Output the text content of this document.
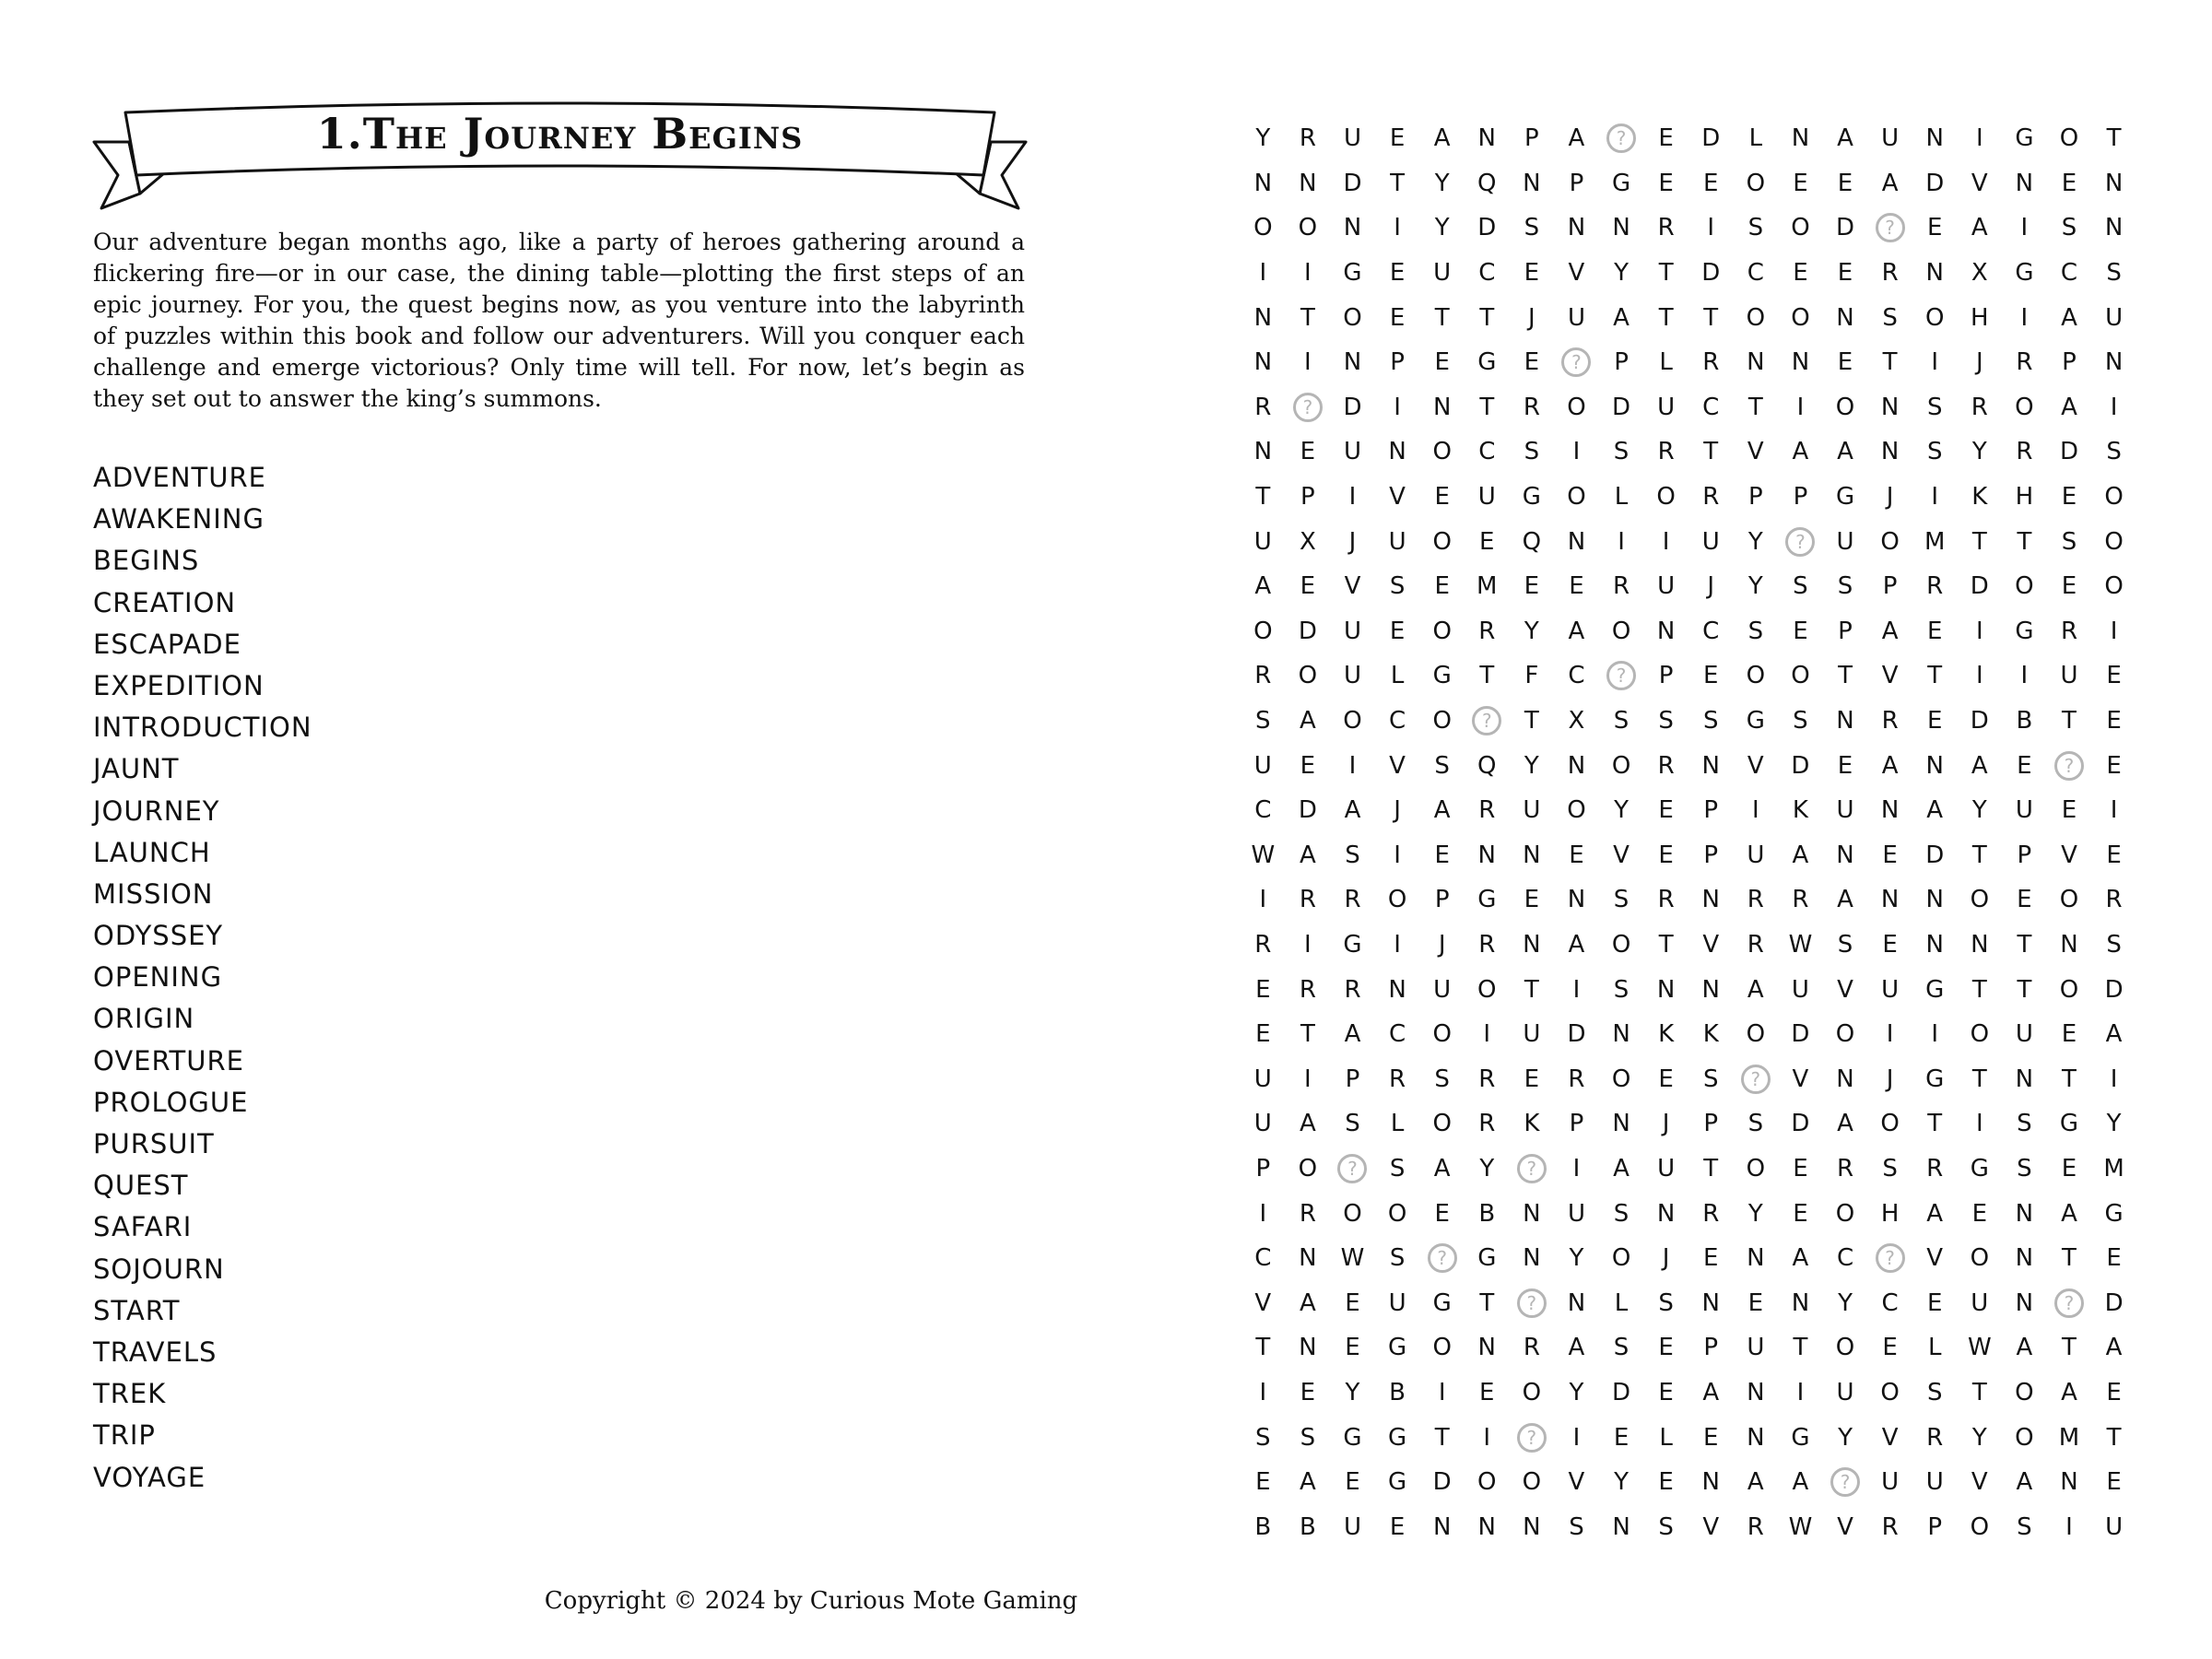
1.The Journey Begins
Our adventure began months ago, like a party of heroes gathering around a flickering fire—or in our case, the dining table—plotting the first steps of an epic journey. For you, the quest begins now, as you venture into the labyrinth of puzzles within this book and follow our adventurers. Will you conquer each challenge and emerge victorious? Only time will tell. For now, let’s begin as they set out to answer the king’s summons.
ADVENTURE
AWAKENING
BEGINS
CREATION
ESCAPADE
EXPEDITION
INTRODUCTION
JAUNT
JOURNEY
LAUNCH
MISSION
ODYSSEY
OPENING
ORIGIN
OVERTURE
PROLOGUE
PURSUIT
QUEST
SAFARI
SOJOURN
START
TRAVELS
TREK
TRIP
VOYAGE
Y	R	U	E	A	N	P	A	?	E	D	L	N	A	U	N	I	G	O	T
N	N	D	T	Y	Q	N	P	G	E	E	O	E	E	A	D	V	N	E	N
O	O	N	I	Y	D	S	N	N	R	I	S	O	D	?	E	A	I	S	N
I	I	G	E	U	C	E	V	Y	T	D	C	E	E	R	N	X	G	C	S
N	T	O	E	T	T	J	U	A	T	T	O	O	N	S	O	H	I	A	U
N	I	N	P	E	G	E	?	P	L	R	N	N	E	T	I	J	R	P	N
R	?	D	I	N	T	R	O	D	U	C	T	I	O	N	S	R	O	A	I
N	E	U	N	O	C	S	I	S	R	T	V	A	A	N	S	Y	R	D	S
T	P	I	V	E	U	G	O	L	O	R	P	P	G	J	I	K	H	E	O
U	X	J	U	O	E	Q	N	I	I	U	Y	?	U	O	M	T	T	S	O
A	E	V	S	E	M	E	E	R	U	J	Y	S	S	P	R	D	O	E	O
O	D	U	E	O	R	Y	A	O	N	C	S	E	P	A	E	I	G	R	I
R	O	U	L	G	T	F	C	?	P	E	O	O	T	V	T	I	I	U	E
S	A	O	C	O	?	T	X	S	S	S	G	S	N	R	E	D	B	T	E
U	E	I	V	S	Q	Y	N	O	R	N	V	D	E	A	N	A	E	?	E
C	D	A	J	A	R	U	O	Y	E	P	I	K	U	N	A	Y	U	E	I
W	A	S	I	E	N	N	E	V	E	P	U	A	N	E	D	T	P	V	E
I	R	R	O	P	G	E	N	S	R	N	R	R	A	N	N	O	E	O	R
R	I	G	I	J	R	N	A	O	T	V	R	W	S	E	N	N	T	N	S
E	R	R	N	U	O	T	I	S	N	N	A	U	V	U	G	T	T	O	D
E	T	A	C	O	I	U	D	N	K	K	O	D	O	I	I	O	U	E	A
U	I	P	R	S	R	E	R	O	E	S	?	V	N	J	G	T	N	T	I
U	A	S	L	O	R	K	P	N	J	P	S	D	A	O	T	I	S	G	Y
P	O	?	S	A	Y	?	I	A	U	T	O	E	R	S	R	G	S	E	M
I	R	O	O	E	B	N	U	S	N	R	Y	E	O	H	A	E	N	A	G
C	N	W	S	?	G	N	Y	O	J	E	N	A	C	?	V	O	N	T	E
V	A	E	U	G	T	?	N	L	S	N	E	N	Y	C	E	U	N	?	D
T	N	E	G	O	N	R	A	S	E	P	U	T	O	E	L	W	A	T	A
I	E	Y	B	I	E	O	Y	D	E	A	N	I	U	O	S	T	O	A	E
S	S	G	G	T	I	?	I	E	L	E	N	G	Y	V	R	Y	O	M	T
E	A	E	G	D	O	O	V	Y	E	N	A	A	?	U	U	V	A	N	E
B	B	U	E	N	N	N	S	N	S	V	R	W	V	R	P	O	S	I	U
Copyright © 2024 by Curious Mote Gaming
